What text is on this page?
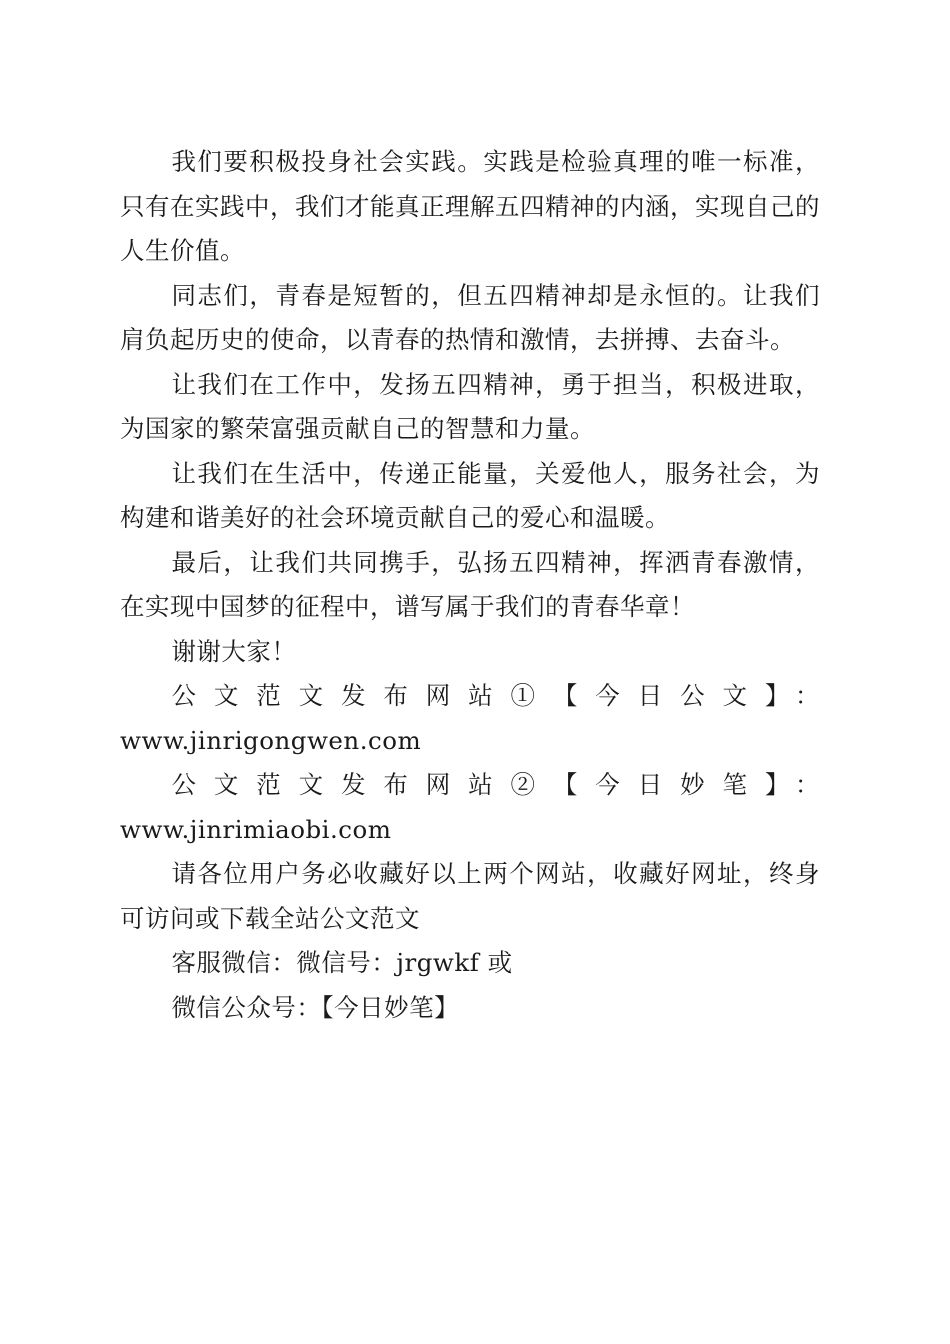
我们要积极投身社会实践。实践是检验真理的唯一标准，只有在实践中，我们才能真正理解五四精神的内涵，实现自己的人生价值。

同志们，青春是短暂的，但五四精神却是永恒的。让我们肩负起历史的使命，以青春的热情和激情，去拼搏、去奋斗。

让我们在工作中，发扬五四精神，勇于担当，积极进取，为国家的繁荣富强贡献自己的智慧和力量。

让我们在生活中，传递正能量，关爱他人，服务社会，为构建和谐美好的社会环境贡献自己的爱心和温暖。

最后，让我们共同携手，弘扬五四精神，挥洒青春激情，在实现中国梦的征程中，谱写属于我们的青春华章！

谢谢大家！

公文范文发布网站①【今日公文】：
www.jinrigongwen.com

公文范文发布网站②【今日妙笔】：www.jinrimiaobi.com

请各位用户务必收藏好以上两个网站，收藏好网址，终身可访问或下载全站公文范文

客服微信：微信号：jrgwkf 或

微信公众号：【今日妙笔】
